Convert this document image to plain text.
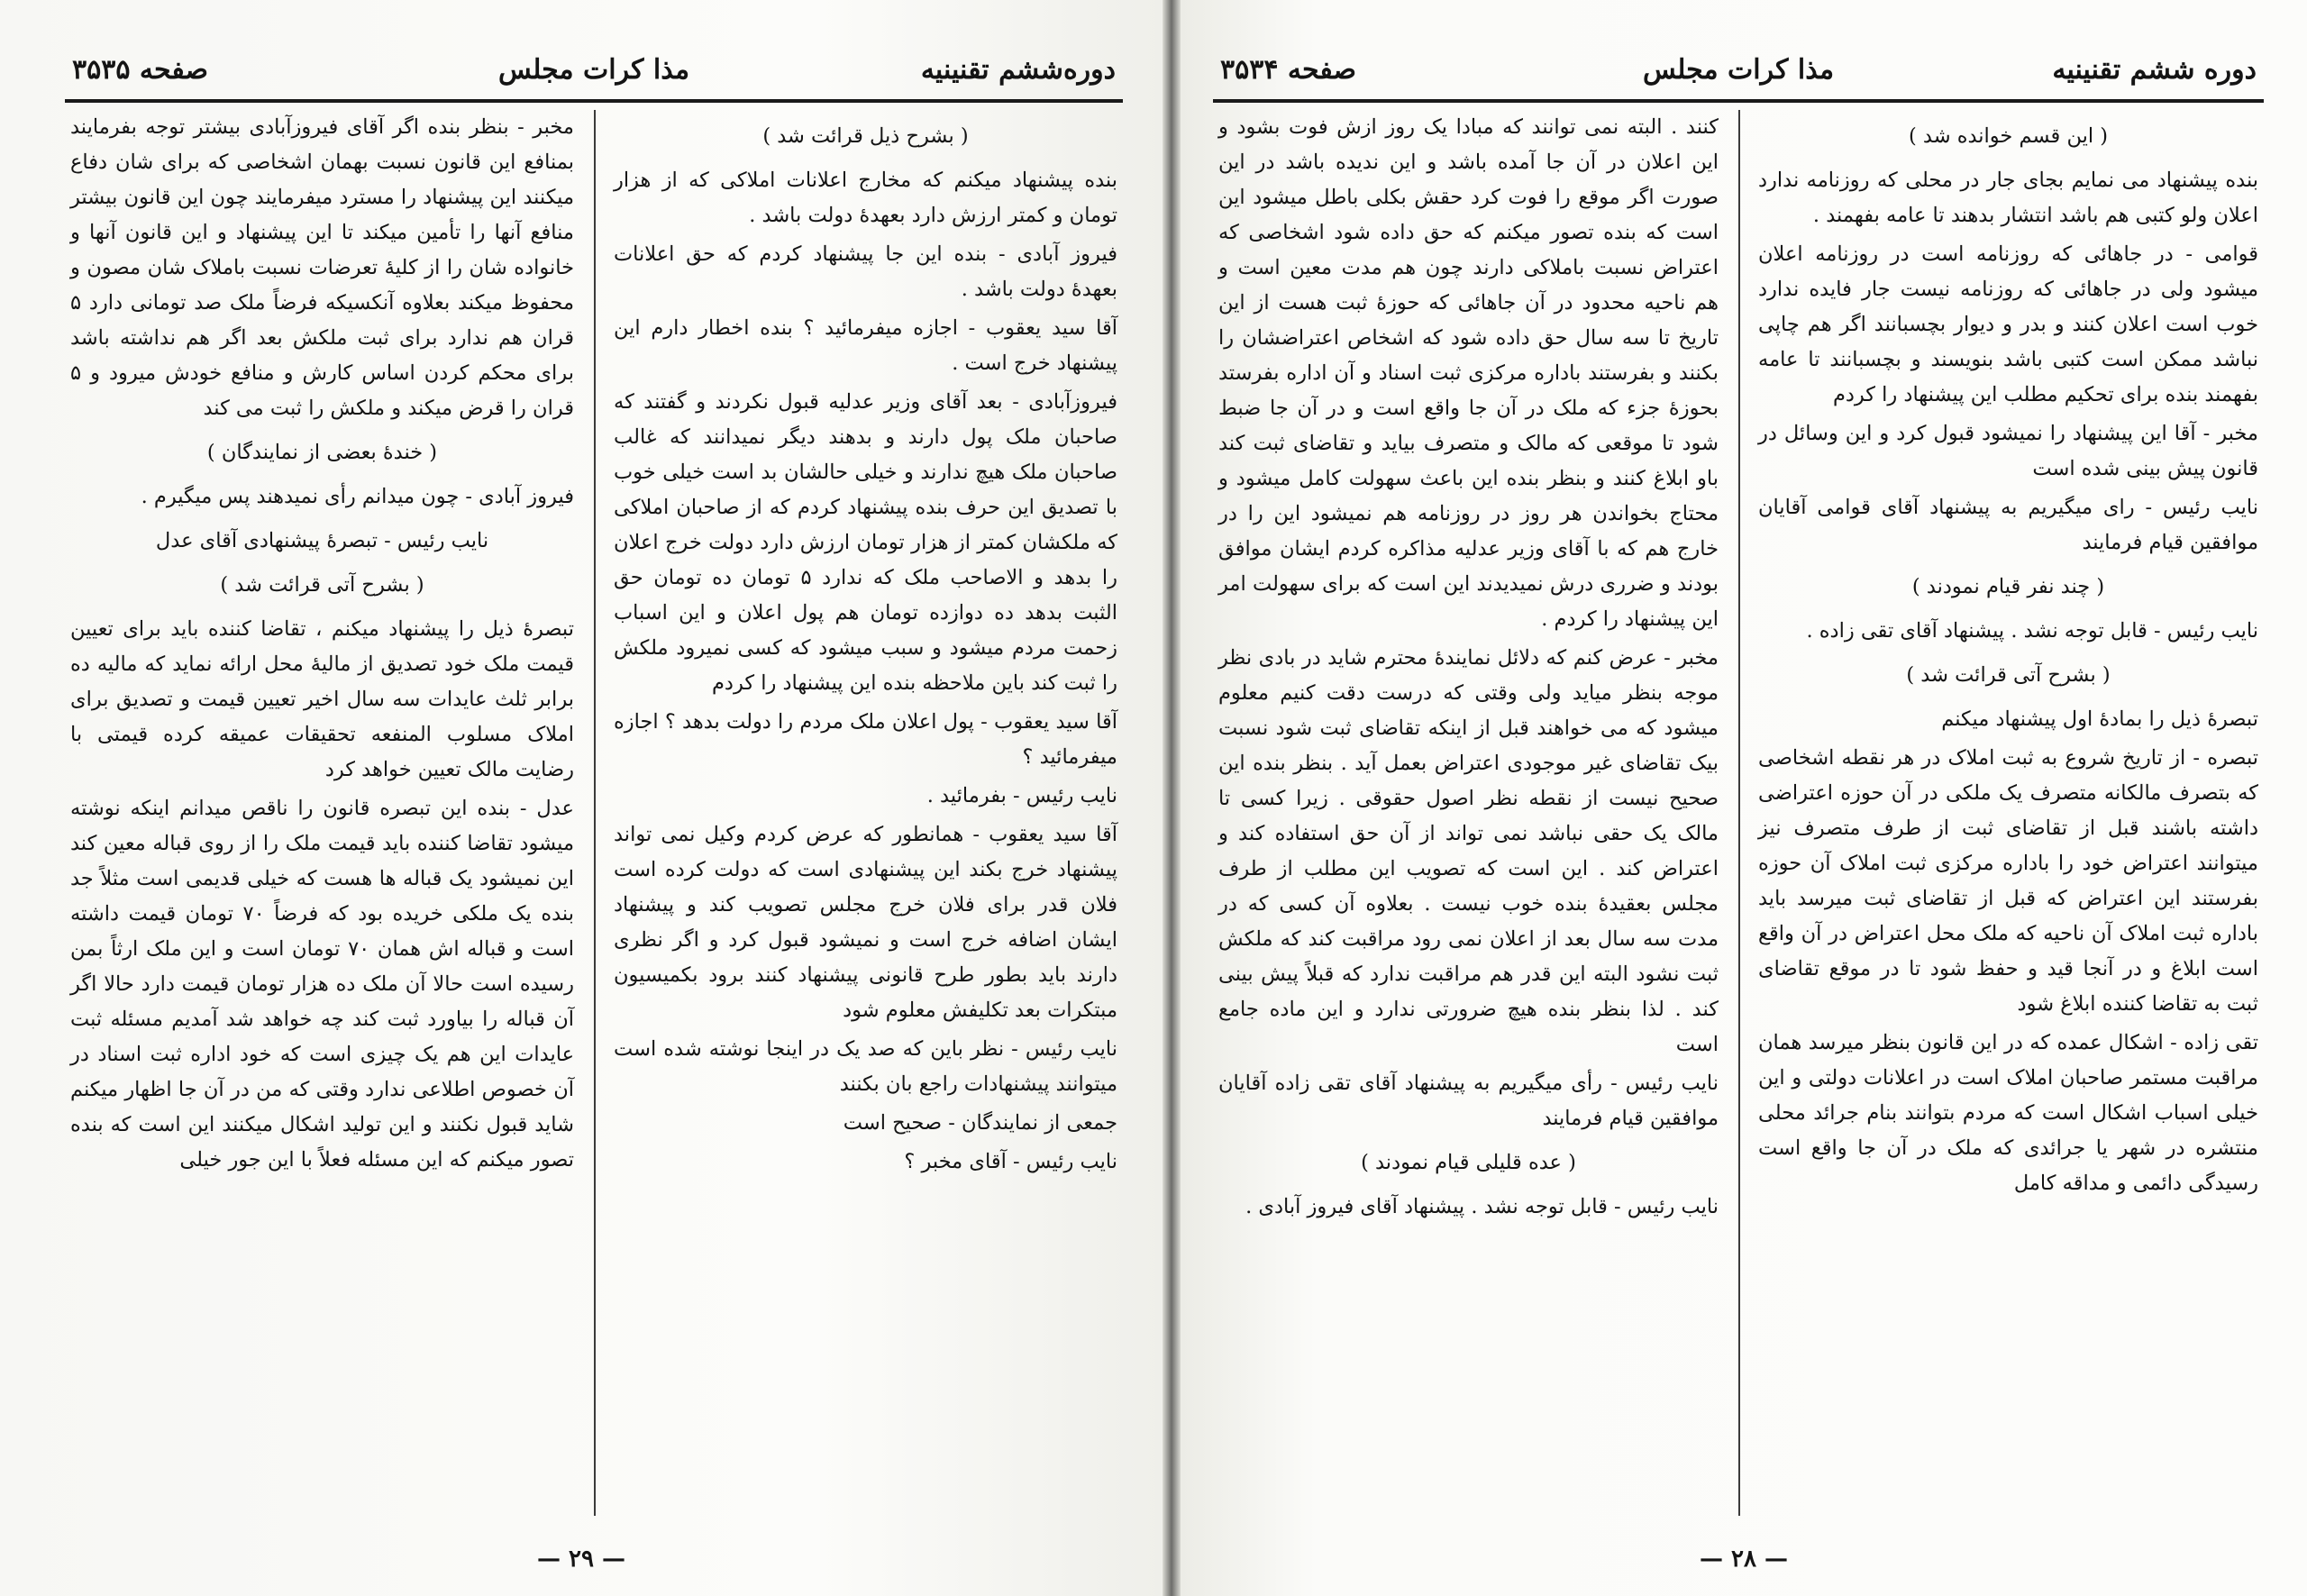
دوره‌ششم تقنینیه
مذا کرات مجلس
صفحه ۳۵۳۵

( بشرح ذیل قرائت شد )

بنده پیشنهاد میکنم که مخارج اعلانات املاکی که از هزار تومان و کمتر ارزش دارد بعهدهٔ دولت باشد .

فیروز آبادی - بنده این جا پیشنهاد کردم که حق اعلانات بعهدهٔ دولت باشد .

آقا سید یعقوب - اجازه میفرمائید ؟ بنده اخطار دارم این پیشنهاد خرج است .

فیروزآبادی - بعد آقای وزیر عدلیه قبول نکردند و گفتند که صاحبان ملک پول دارند و بدهند دیگر نمیدانند که غالب صاحبان ملک هیچ ندارند و خیلی حالشان بد است خیلی خوب با تصدیق این حرف بنده پیشنهاد کردم که از صاحبان املاکی که ملکشان کمتر از هزار تومان ارزش دارد دولت خرج اعلان را بدهد و الاصاحب ملک که ندارد ۵ تومان ده تومان حق الثبت بدهد ده دوازده تومان هم پول اعلان و این اسباب زحمت مردم میشود و سبب میشود که کسی نمیرود ملکش را ثبت کند باین ملاحظه بنده این پیشنهاد را کردم

آقا سید یعقوب - پول اعلان ملک مردم را دولت بدهد ؟ اجازه میفرمائید ؟

نایب رئیس - بفرمائید .

آقا سید یعقوب - همانطور که عرض کردم وکیل نمی تواند پیشنهاد خرج بکند این پیشنهادی است که دولت کرده است فلان قدر برای فلان خرج مجلس تصویب کند و پیشنهاد ایشان اضافه خرج است و نمیشود قبول کرد و اگر نظری دارند باید بطور طرح قانونی پیشنهاد کنند برود بکمیسیون مبتکرات بعد تکلیفش معلوم شود

نایب رئیس - نظر باین که صد یک در اینجا نوشته شده است میتوانند پیشنهادات راجع بان بکنند

جمعی از نمایندگان - صحیح است

نایب رئیس - آقای مخبر ؟

مخبر - بنظر بنده اگر آقای فیروزآبادی بیشتر توجه بفرمایند بمنافع این قانون نسبت بهمان اشخاصی که برای شان دفاع میکنند این پیشنهاد را مسترد میفرمایند چون این قانون بیشتر منافع آنها را تأمین میکند تا این پیشنهاد و این قانون آنها و خانواده شان را از کلیهٔ تعرضات نسبت باملاک شان مصون و محفوظ میکند بعلاوه آنکسیکه فرضاً ملک صد تومانی دارد ۵ قران هم ندارد برای ثبت ملکش بعد اگر هم نداشته باشد برای محکم کردن اساس کارش و منافع خودش میرود و ۵ قران را قرض میکند و ملکش را ثبت می کند

( خندهٔ بعضی از نمایندگان )

فیروز آبادی - چون میدانم رأی نمیدهند پس میگیرم .

نایب رئیس - تبصرهٔ پیشنهادی آقای عدل

( بشرح آتی قرائت شد )

تبصرهٔ ذیل را پیشنهاد میکنم ، تقاضا کننده باید برای تعیین قیمت ملک خود تصدیق از مالیهٔ محل ارائه نماید که مالیه ده برابر ثلث عایدات سه سال اخیر تعیین قیمت و تصدیق برای املاک مسلوب المنفعه تحقیقات عمیقه کرده قیمتی با رضایت مالک تعیین خواهد کرد

عدل - بنده این تبصره قانون را ناقص میدانم اینکه نوشته میشود تقاضا کننده باید قیمت ملک را از روی قباله معین کند این نمیشود یک قباله ها هست که خیلی قدیمی است مثلاً جد بنده یک ملکی خریده بود که فرضاً ۷۰ تومان قیمت داشته است و قباله اش همان ۷۰ تومان است و این ملک ارثاً بمن رسیده است حالا آن ملک ده هزار تومان قیمت دارد حالا اگر آن قباله را بیاورد ثبت کند چه خواهد شد آمدیم مسئله ثبت عایدات این هم یک چیزی است که خود اداره ثبت اسناد در آن خصوص اطلاعی ندارد وقتی که من در آن جا اظهار میکنم شاید قبول نکنند و این تولید اشکال میکنند این است که بنده تصور میکنم که این مسئله فعلاً با این جور خیلی

— ۲۹ —
دوره ششم تقنینیه
مذا کرات مجلس
صفحه ۳۵۳۴

( این قسم خوانده شد )

بنده پیشنهاد می نمایم بجای جار در محلی که روزنامه ندارد اعلان ولو کتبی هم باشد انتشار بدهند تا عامه بفهمند .

قوامی - در جاهائی که روزنامه است در روزنامه اعلان میشود ولی در جاهائی که روزنامه نیست جار فایده ندارد خوب است اعلان کنند و بدر و دیوار بچسبانند اگر هم چاپی نباشد ممکن است کتبی باشد بنویسند و بچسبانند تا عامه بفهمند بنده برای تحکیم مطلب این پیشنهاد را کردم

مخبر - آقا این پیشنهاد را نمیشود قبول کرد و این وسائل در قانون پیش بینی شده است

نایب رئیس - رای میگیریم به پیشنهاد آقای قوامی آقایان موافقین قیام فرمایند

( چند نفر قیام نمودند )

نایب رئیس - قابل توجه نشد . پیشنهاد آقای تقی زاده .

( بشرح آتی قرائت شد )

تبصرهٔ ذیل را بمادهٔ اول پیشنهاد میکنم

تبصره - از تاریخ شروع به ثبت املاک در هر نقطه اشخاصی که بتصرف مالکانه متصرف یک ملکی در آن حوزه اعتراضی داشته باشند قبل از تقاضای ثبت از طرف متصرف نیز میتوانند اعتراض خود را باداره مرکزی ثبت املاک آن حوزه بفرستند این اعتراض که قبل از تقاضای ثبت میرسد باید باداره ثبت املاک آن ناحیه که ملک محل اعتراض در آن واقع است ابلاغ و در آنجا قید و حفظ شود تا در موقع تقاضای ثبت به تقاضا کننده ابلاغ شود

تقی زاده - اشکال عمده که در این قانون بنظر میرسد همان مراقبت مستمر صاحبان املاک است در اعلانات دولتی و این خیلی اسباب اشکال است که مردم بتوانند بنام جرائد محلی منتشره در شهر یا جرائدی که ملک در آن جا واقع است رسیدگی دائمی و مداقه کامل

کنند . البته نمی توانند که مبادا یک روز ازش فوت بشود و این اعلان در آن جا آمده باشد و این ندیده باشد در این صورت اگر موقع را فوت کرد حقش بکلی باطل میشود این است که بنده تصور میکنم که حق داده شود اشخاصی که اعتراض نسبت باملاکی دارند چون هم مدت معین است و هم ناحیه محدود در آن جاهائی که حوزهٔ ثبت هست از این تاریخ تا سه سال حق داده شود که اشخاص اعتراضشان را بکنند و بفرستند باداره مرکزی ثبت اسناد و آن اداره بفرستد بحوزهٔ جزء که ملک در آن جا واقع است و در آن جا ضبط شود تا موقعی که مالک و متصرف بیاید و تقاضای ثبت کند باو ابلاغ کنند و بنظر بنده این باعث سهولت کامل میشود و محتاج بخواندن هر روز در روزنامه هم نمیشود این را در خارج هم که با آقای وزیر عدلیه مذاکره کردم ایشان موافق بودند و ضرری درش نمیدیدند این است که برای سهولت امر این پیشنهاد را کردم .

مخبر - عرض کنم که دلائل نمایندهٔ محترم شاید در بادی نظر موجه بنظر میاید ولی وقتی که درست دقت کنیم معلوم میشود که می خواهند قبل از اینکه تقاضای ثبت شود نسبت بیک تقاضای غیر موجودی اعتراض بعمل آید . بنظر بنده این صحیح نیست از نقطه نظر اصول حقوقی . زیرا کسی تا مالک یک حقی نباشد نمی تواند از آن حق استفاده کند و اعتراض کند . این است که تصویب این مطلب از طرف مجلس بعقیدهٔ بنده خوب نیست . بعلاوه آن کسی که در مدت سه سال بعد از اعلان نمی رود مراقبت کند که ملکش ثبت نشود البته این قدر هم مراقبت ندارد که قبلاً پیش بینی کند . لذا بنظر بنده هیچ ضرورتی ندارد و این ماده جامع است

نایب رئیس - رأی میگیریم به پیشنهاد آقای تقی زاده آقایان موافقین قیام فرمایند

( عده قلیلی قیام نمودند )

نایب رئیس - قابل توجه نشد . پیشنهاد آقای فیروز آبادی .

— ۲۸ —
